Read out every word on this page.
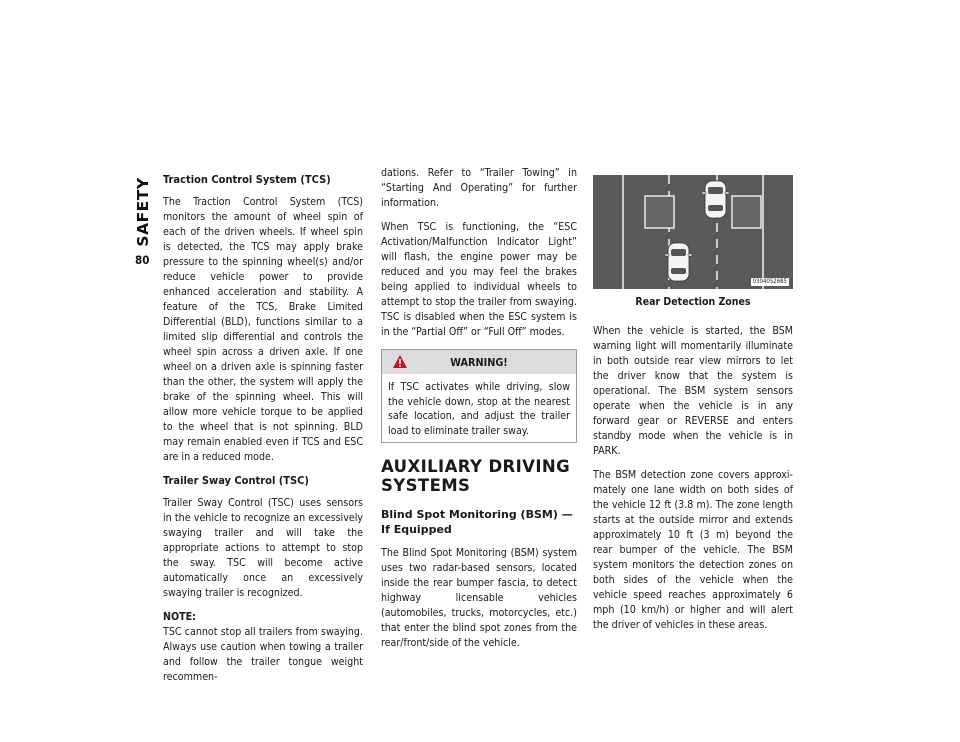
SAFETY
80
Traction Control System (TCS)

The Traction Control System (TCS) monitors the amount of wheel spin of each of the driven wheels. If wheel spin is detected, the TCS may apply brake pressure to the spinning wheel(s) and/or reduce vehicle power to provide enhanced acceleration and stability. A feature of the TCS, Brake Limited Differential (BLD), functions similar to a limited slip differential and controls the wheel spin across a driven axle. If one wheel on a driven axle is spinning faster than the other, the system will apply the brake of the spinning wheel. This will allow more vehicle torque to be applied to the wheel that is not spinning. BLD may remain enabled even if TCS and ESC are in a reduced mode.

Trailer Sway Control (TSC)

Trailer Sway Control (TSC) uses sensors in the vehicle to recognize an excessively swaying trailer and will take the appropriate actions to attempt to stop the sway. TSC will become active automatically once an excessively swaying trailer is recognized.

NOTE:

TSC cannot stop all trailers from swaying. Always use caution when towing a trailer and follow the trailer tongue weight recommen-

dations. Refer to “Trailer Towing” in “Starting And Operating” for further information.

When TSC is functioning, the “ESC Activation/Malfunction Indicator Light” will flash, the engine power may be reduced and you may feel the brakes being applied to individual wheels to attempt to stop the trailer from swaying. TSC is disabled when the ESC system is in the “Partial Off” or “Full Off” modes.

WARNING!
If TSC activates while driving, slow the vehicle down, stop at the nearest safe location, and adjust the trailer load to eliminate trailer sway.
AUXILIARY DRIVING SYSTEMS
Blind Spot Monitoring (BSM) — If Equipped

The Blind Spot Monitoring (BSM) system uses two radar-based sensors, located inside the rear bumper fascia, to detect highway licensable vehicles (automobiles, trucks, motorcycles, etc.) that enter the blind spot zones from the rear/front/side of the vehicle.

0304052685
Rear Detection Zones

When the vehicle is started, the BSM warning light will momentarily illuminate in both outside rear view mirrors to let the driver know that the system is operational. The BSM system sensors operate when the vehicle is in any forward gear or REVERSE and enters standby mode when the vehicle is in PARK.

The BSM detection zone covers approximately one lane width on both sides of the vehicle 12 ft (3.8 m). The zone length starts at the outside mirror and extends approximately 10 ft (3 m) beyond the rear bumper of the vehicle. The BSM system monitors the detection zones on both sides of the vehicle when the vehicle speed reaches approximately 6 mph (10 km/h) or higher and will alert the driver of vehicles in these areas.
